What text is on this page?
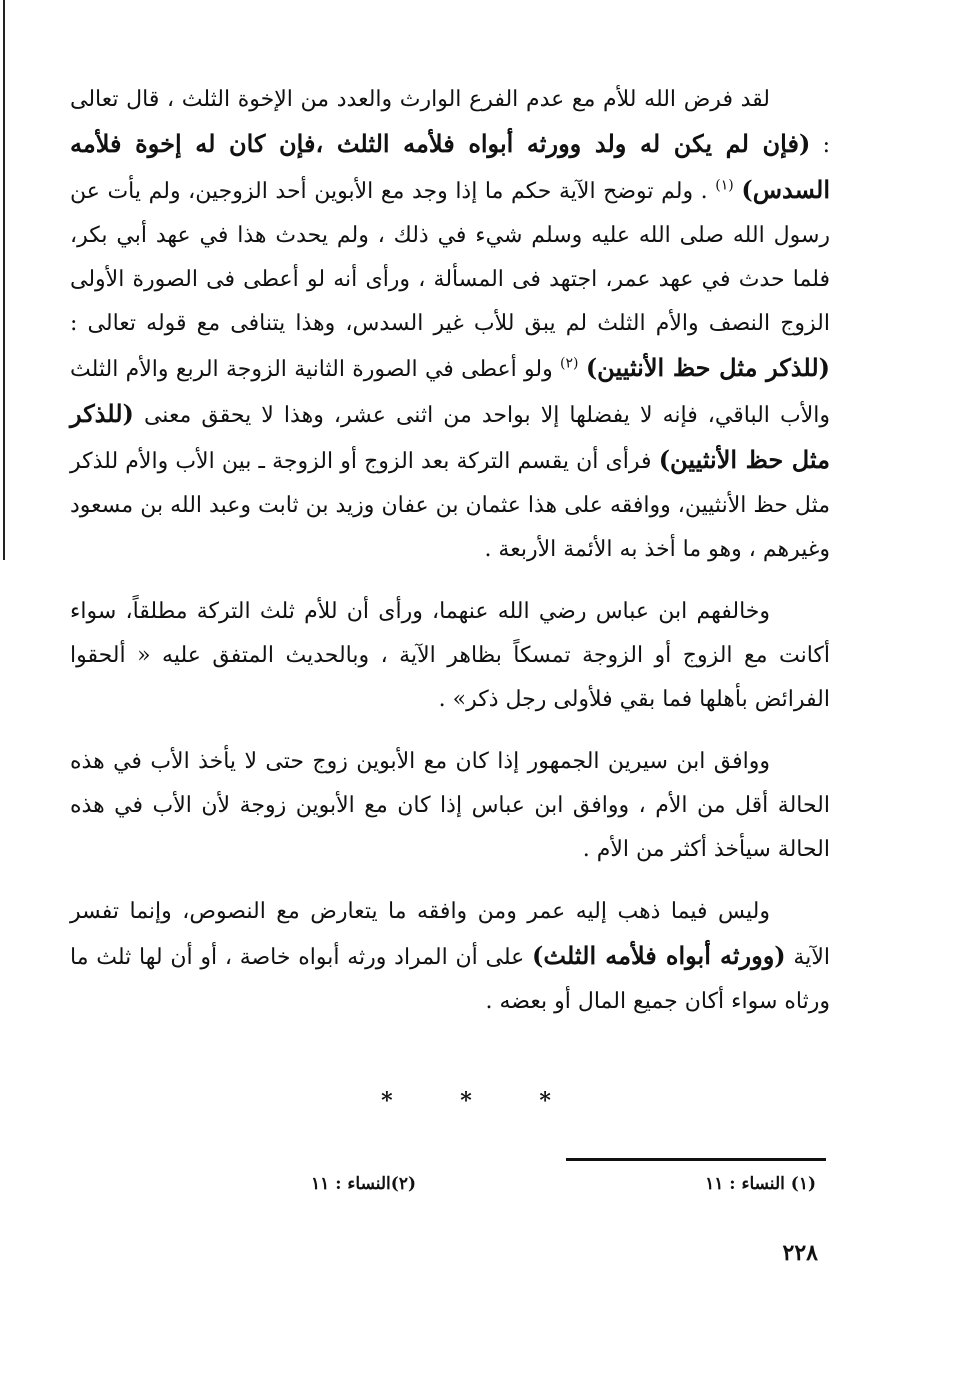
لقد فرض الله للأم مع عدم الفرع الوارث والعدد من الإخوة الثلث ، قال تعالى : (فإن لم يكن له ولد وورثه أبواه فلأمه الثلث ،فإن كان له إخوة فلأمه السدس) $^{(١)}$ . ولم توضح الآية حكم ما إذا وجد مع الأبوين أحد الزوجين، ولم يأت عن رسول الله صلى الله عليه وسلم شيء في ذلك ، ولم يحدث هذا في عهد أبي بكر، فلما حدث في عهد عمر، اجتهد فى المسألة ، ورأى أنه لو أعطى فى الصورة الأولى الزوج النصف والأم الثلث لم يبق للأب غير السدس، وهذا يتنافى مع قوله تعالى : (للذكر مثل حظ الأنثيين) $^{(٢)}$ ولو أعطى في الصورة الثانية الزوجة الربع والأم الثلث والأب الباقي، فإنه لا يفضلها إلا بواحد من اثنى عشر، وهذا لا يحقق معنى (للذكر مثل حظ الأنثيين) فرأى أن يقسم التركة بعد الزوج أو الزوجة ـ بين الأب والأم للذكر مثل حظ الأنثيين، ووافقه على هذا عثمان بن عفان وزيد بن ثابت وعبد الله بن مسعود وغيرهم ، وهو ما أخذ به الأئمة الأربعة .

وخالفهم ابن عباس رضي الله عنهما، ورأى أن للأم ثلث التركة مطلقاً، سواء أكانت مع الزوج أو الزوجة تمسكاً بظاهر الآية ، وبالحديث المتفق عليه « ألحقوا الفرائض بأهلها فما بقي فلأولى رجل ذكر» .

ووافق ابن سيرين الجمهور إذا كان مع الأبوين زوج حتى لا يأخذ الأب في هذه الحالة أقل من الأم ، ووافق ابن عباس إذا كان مع الأبوين زوجة لأن الأب في هذه الحالة سيأخذ أكثر من الأم .

وليس فيما ذهب إليه عمر ومن وافقه ما يتعارض مع النصوص، وإنما تفسر الآية (وورثه أبواه فلأمه الثلث) على أن المراد ورثه أبواه خاصة ، أو أن لها ثلث ما ورثاه سواء أكان جميع المال أو بعضه .

* * *
(١) النساء : ١١
(٢)النساء : ١١
٢٢٨
